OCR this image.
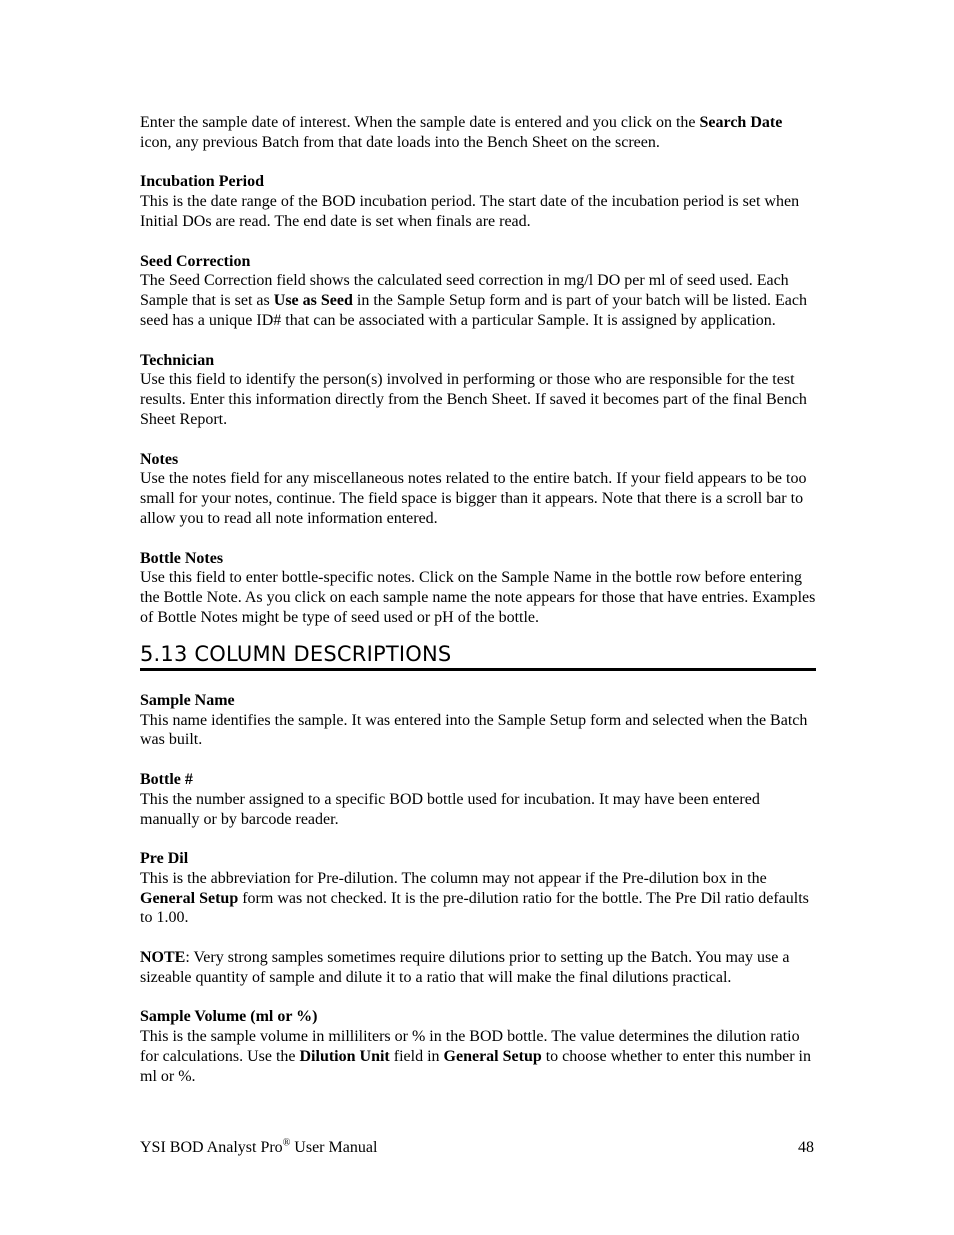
Enter the sample date of interest. When the sample date is entered and you click on the Search Date icon, any previous Batch from that date loads into the Bench Sheet on the screen.

Incubation Period

This is the date range of the BOD incubation period. The start date of the incubation period is set when Initial DOs are read. The end date is set when finals are read.

Seed Correction

The Seed Correction field shows the calculated seed correction in mg/l DO per ml of seed used. Each Sample that is set as Use as Seed in the Sample Setup form and is part of your batch will be listed. Each seed has a unique ID# that can be associated with a particular Sample. It is assigned by application.

Technician

Use this field to identify the person(s) involved in performing or those who are responsible for the test results. Enter this information directly from the Bench Sheet. If saved it becomes part of the final Bench Sheet Report.

Notes

Use the notes field for any miscellaneous notes related to the entire batch. If your field appears to be too small for your notes, continue. The field space is bigger than it appears. Note that there is a scroll bar to allow you to read all note information entered.

Bottle Notes

Use this field to enter bottle-specific notes. Click on the Sample Name in the bottle row before entering the Bottle Note. As you click on each sample name the note appears for those that have entries. Examples of Bottle Notes might be type of seed used or pH of the bottle.

5.13 COLUMN DESCRIPTIONS
Sample Name

This name identifies the sample. It was entered into the Sample Setup form and selected when the Batch was built.

Bottle #

This the number assigned to a specific BOD bottle used for incubation. It may have been entered manually or by barcode reader.

Pre Dil

This is the abbreviation for Pre-dilution. The column may not appear if the Pre-dilution box in the General Setup form was not checked. It is the pre-dilution ratio for the bottle. The Pre Dil ratio defaults to 1.00.

NOTE: Very strong samples sometimes require dilutions prior to setting up the Batch. You may use a sizeable quantity of sample and dilute it to a ratio that will make the final dilutions practical.

Sample Volume (ml or %)

This is the sample volume in milliliters or % in the BOD bottle. The value determines the dilution ratio for calculations. Use the Dilution Unit field in General Setup to choose whether to enter this number in ml or %.

YSI BOD Analyst Pro® User Manual	48
